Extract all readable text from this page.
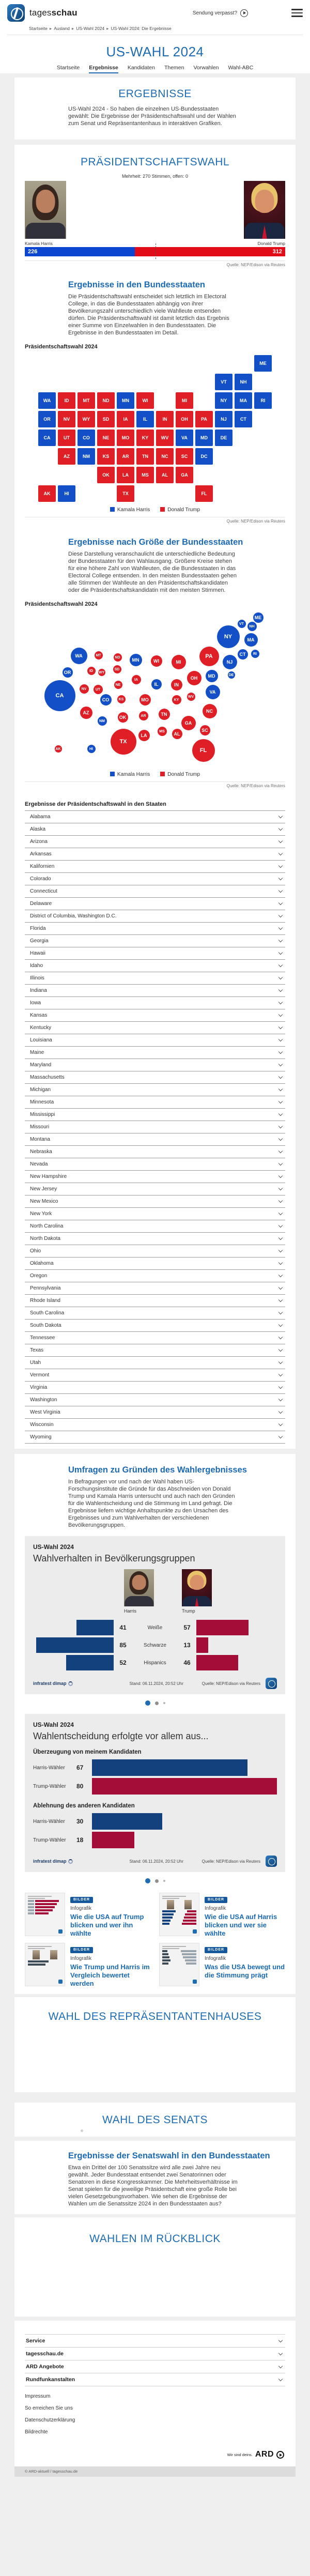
tagesschau	Sendung verpasst?
Startseite ▸ Ausland ▸ US-Wahl 2024 ▸ US-Wahl 2024: Die Ergebnisse
US-WAHL 2024
Startseite Ergebnisse Kandidaten Themen Vorwahlen Wahl-ABC
ERGEBNISSE

US-Wahl 2024 - So haben die einzelnen US-Bundesstaaten gewählt: Die Ergebnisse der Präsidentschaftswahl und der Wahlen zum Senat und Repräsentantenhaus in interaktiven Grafiken.

PRÄSIDENTSCHAFTSWAHL
Mehrheit: 270 Stimmen, offen: 0
Kamala Harris	Donald Trump
226	312
Quelle: NEP/Edison via Reuters
Ergebnisse in den Bundesstaaten

Die Präsidentschaftswahl entscheidet sich letztlich im Electoral College, in das die Bundesstaaten abhängig von ihrer Bevölkerungszahl unterschiedlich viele Wahlleute entsenden dürfen. Die Präsidentschaftswahl ist damit letztlich das Ergebnis einer Summe von Einzelwahlen in den Bundesstaaten. Die Ergebnisse in den Bundesstaaten im Detail.

Präsidentschaftswahl 2024
ME
VT	NH
WA	ID	MT	ND	MN	WI	MI	NY	MA	RI
OR	NV	WY	SD	IA	IL	IN	OH	PA	NJ	CT
CA	UT	CO	NE	MO	KY	WV	VA	MD	DE
AZ	NM	KS	AR	TN	NC	SC	DC
OK	LA	MS	AL	GA
AK	HI	TX	FL
Kamala Harris	Donald Trump
Quelle: NEP/Edison via Reuters
Ergebnisse nach Größe der Bundesstaaten

Diese Darstellung veranschaulicht die unterschiedliche Bedeutung der Bundesstaaten für den Wahlausgang. Größere Kreise stehen für eine höhere Zahl von Wahlleuten, die die Bundesstaaten in das Electoral College entsenden. In den meisten Bundesstaaten gehen alle Stimmen der Wahlleute an den Präsidentschaftskandidaten oder die Präsidentschaftskandidatin mit den meisten Stimmen.

Präsidentschaftswahl 2024
ME
VT
NH
NY	MA
CT	RI
PA
NJ
DE
MD
WA	MT
ND	MN	WI	MI
OR	ID	WY
SD
IA
NE	IL	IN
OH
WV
VA
NV	UT
CA
CO	KS	MO	KY
AZ
NM
OK	AR	TN
NC
SC
GA
MS	AL
LA
TX
FL
AK	HI
Kamala Harris	Donald Trump
Quelle: NEP/Edison via Reuters
Ergebnisse der Präsidentschaftswahl in den Staaten
Alabama
Alaska
Arizona
Arkansas
Kalifornien
Colorado
Connecticut
Delaware
District of Columbia, Washington D.C.
Florida
Georgia
Hawaii
Idaho
Illinois
Indiana
Iowa
Kansas
Kentucky
Louisiana
Maine
Maryland
Massachusetts
Michigan
Minnesota
Mississippi
Missouri
Montana
Nebraska
Nevada
New Hampshire
New Jersey
New Mexico
New York
North Carolina
North Dakota
Ohio
Oklahoma
Oregon
Pennsylvania
Rhode Island
South Carolina
South Dakota
Tennessee
Texas
Utah
Vermont
Virginia
Washington
West Virginia
Wisconsin
Wyoming
Umfragen zu Gründen des Wahlergebnisses

In Befragungen vor und nach der Wahl haben US-Forschungsinstitute die Gründe für das Abschneiden von Donald Trump und Kamala Harris untersucht und auch nach den Gründen für die Wahlentscheidung und die Stimmung im Land gefragt. Die Ergebnisse liefern wichtige Anhaltspunkte zu den Ursachen des Ergebnisses und zum Wahlverhalten der verschiedenen Bevölkerungsgruppen.

US-Wahl 2024
Wahlverhalten in Bevölkerungsgruppen
Harris	Trump
41	Weiße	57
85	Schwarze	13
52	Hispanics	46
infratest dimap	Stand: 06.11.2024, 20:52 Uhr	Quelle: NEP/Edison via Reuters
US-Wahl 2024
Wahlentscheidung erfolgte vor allem aus...
Überzeugung von meinem Kandidaten
Harris-Wähler	67
Trump-Wähler	80
Ablehnung des anderen Kandidaten
Harris-Wähler	30
Trump-Wähler	18
infratest dimap	Stand: 06.11.2024, 20:52 Uhr	Quelle: NEP/Edison via Reuters
BILDER
Infografik
Wie die USA auf Trump blicken und wer ihn wählte
BILDER
Infografik
Wie die USA auf Harris blicken und wer sie wählte
BILDER
Infografik
Wie Trump und Harris im Vergleich bewertet werden
BILDER
Infografik
Was die USA bewegt und die Stimmung prägt
WAHL DES REPRÄSENTANTENHAUSES
WAHL DES SENATS
Ergebnisse der Senatswahl in den Bundesstaaten

Etwa ein Drittel der 100 Senatssitze wird alle zwei Jahre neu gewählt. Jeder Bundesstaat entsendet zwei Senatorinnen oder Senatoren in diese Kongresskammer. Die Mehrheitsverhältnisse im Senat spielen für die jeweilige Präsidentschaft eine große Rolle bei vielen Gesetzgebungsvorhaben. Wie sehen die Ergebnisse der Wahlen um die Senatssitze 2024 in den Bundesstaaten aus?

WAHLEN IM RÜCKBLICK
Service
tagesschau.de
ARD Angebote
Rundfunkanstalten
Impressum
So erreichen Sie uns
Datenschutzerklärung
Bildrechte
Wir sind deins. ARD
© ARD-aktuell / tagesschau.de
